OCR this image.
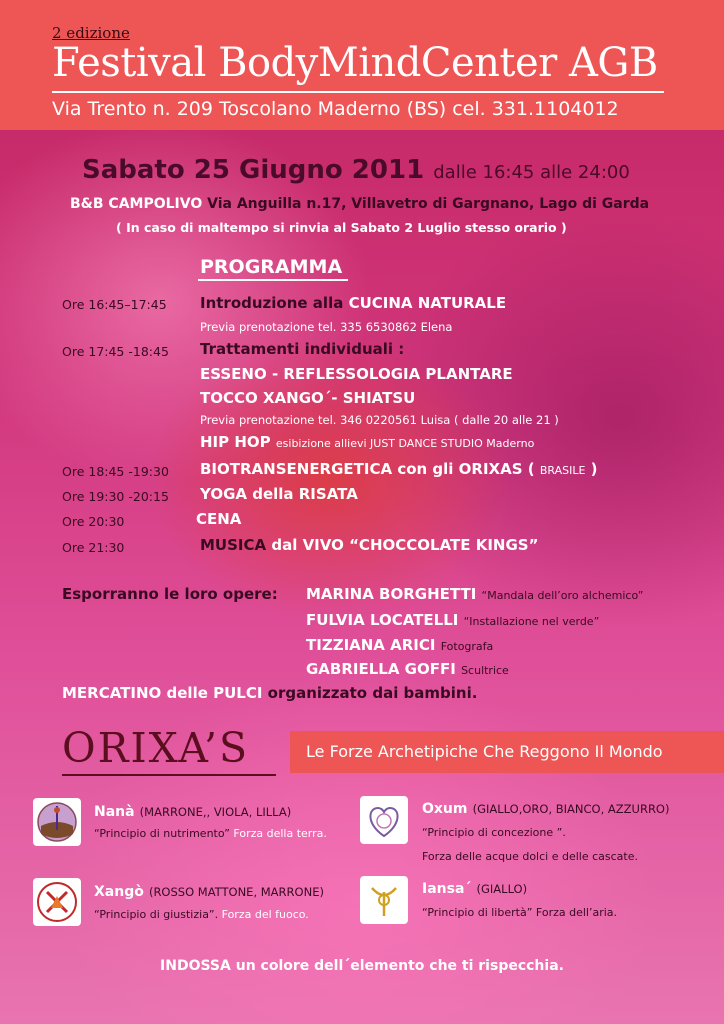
2 edizione
Festival BodyMindCenter AGB
Via Trento n. 209 Toscolano Maderno (BS) cel. 331.1104012
Sabato 25 Giugno 2011 dalle 16:45 alle 24:00
B&B CAMPOLIVO Via Anguilla n.17, Villavetro di Gargnano, Lago di Garda
( In caso di maltempo si rinvia al Sabato 2 Luglio stesso orario )
PROGRAMMA
Ore 16:45–17:45 Introduzione alla CUCINA NATURALE
Previa prenotazione tel. 335 6530862 Elena
Ore 17:45 -18:45 Trattamenti individuali :
ESSENO - REFLESSOLOGIA PLANTARE
TOCCO XANGO´- SHIATSU
Previa prenotazione tel. 346 0220561 Luisa ( dalle 20 alle 21 )
HIP HOP esibizione allievi JUST DANCE STUDIO Maderno
Ore 18:45 -19:30 BIOTRANSENERGETICA con gli ORIXAS ( BRASILE )
Ore 19:30 -20:15 YOGA della RISATA
Ore 20:30	CENA
Ore 21:30	MUSICA dal VIVO “CHOCCOLATE KINGS”
Esporranno le loro opere: MARINA BORGHETTI “Mandala dell’oro alchemico”
FULVIA LOCATELLI “Installazione nel verde”
TIZZIANA ARICI Fotografa
GABRIELLA GOFFI Scultrice
MERCATINO delle PULCI organizzato dai bambini.
ORIXA’S	Le Forze Archetipiche Che Reggono Il Mondo
Nanà (MARRONE,, VIOLA, LILLA)
“Principio di nutrimento” Forza della terra.
Oxum (GIALLO,ORO, BIANCO, AZZURRO)
“Principio di concezione ”.
Forza delle acque dolci e delle cascate.
Xangò (ROSSO MATTONE, MARRONE)
“Principio di giustizia”. Forza del fuoco.
Iansa´ (GIALLO)
“Principio di libertà” Forza dell’aria.
INDOSSA un colore dell´elemento che ti rispecchia.
